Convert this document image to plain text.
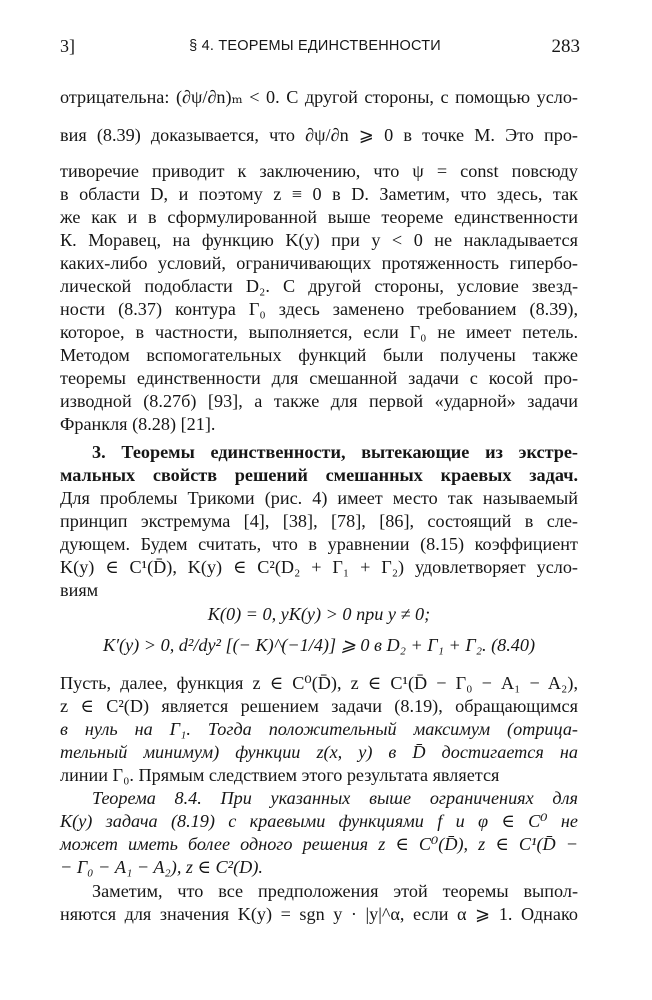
3]	§ 4. ТЕОРЕМЫ ЕДИНСТВЕННОСТИ	283
отрицательна: (∂ψ/∂n)ₘ < 0. С другой стороны, с помощью усло-
вия (8.39) доказывается, что ∂ψ/∂n ⩾ 0 в точке M. Это про-
тиворечие приводит к заключению, что ψ = const повсюду
в области D, и поэтому z ≡ 0 в D. Заметим, что здесь, так
же как и в сформулированной выше теореме единственности
К. Моравец, на функцию K(y) при y < 0 не накладывается
каких-либо условий, ограничивающих протяженность гипербо-
лической подобласти D₂. С другой стороны, условие звезд-
ности (8.37) контура Γ₀ здесь заменено требованием (8.39),
которое, в частности, выполняется, если Γ₀ не имеет петель.
Методом вспомогательных функций были получены также
теоремы единственности для смешанной задачи с косой про-
изводной (8.27б) [93], а также для первой «ударной» задачи
Франкля (8.28) [21].
3. Теоремы единственности, вытекающие из экстре-
мальных свойств решений смешанных краевых задач.
Для проблемы Трикоми (рис. 4) имеет место так называемый
принцип экстремума [4], [38], [78], [86], состоящий в сле-
дующем. Будем считать, что в уравнении (8.15) коэффициент
K(y) ∈ C¹(D̄), K(y) ∈ C²(D₂ + Γ₁ + Γ₂) удовлетворяет усло-
виям
K(0) = 0, yK(y) > 0 при y ≠ 0;
K′(y) > 0, d²/dy² [(− K)^(−1/4)] ⩾ 0 в D₂ + Γ₁ + Γ₂. (8.40)
Пусть, далее, функция z ∈ C⁰(D̄), z ∈ C¹(D̄ − Γ₀ − A₁ − A₂),
z ∈ C²(D) является решением задачи (8.19), обращающимся
в нуль на Γ₁. Тогда положительный максимум (отрица-
тельный минимум) функции z(x, y) в D̄ достигается на
линии Γ₀. Прямым следствием этого результата является
Теорема 8.4. При указанных выше ограничениях для
K(y) задача (8.19) с краевыми функциями f и φ ∈ C⁰ не
может иметь более одного решения z ∈ C⁰(D̄), z ∈ C¹(D̄ −
− Γ₀ − A₁ − A₂), z ∈ C²(D).
Заметим, что все предположения этой теоремы выпол-
няются для значения K(y) = sgn y · |y|^α, если α ⩾ 1. Однако
